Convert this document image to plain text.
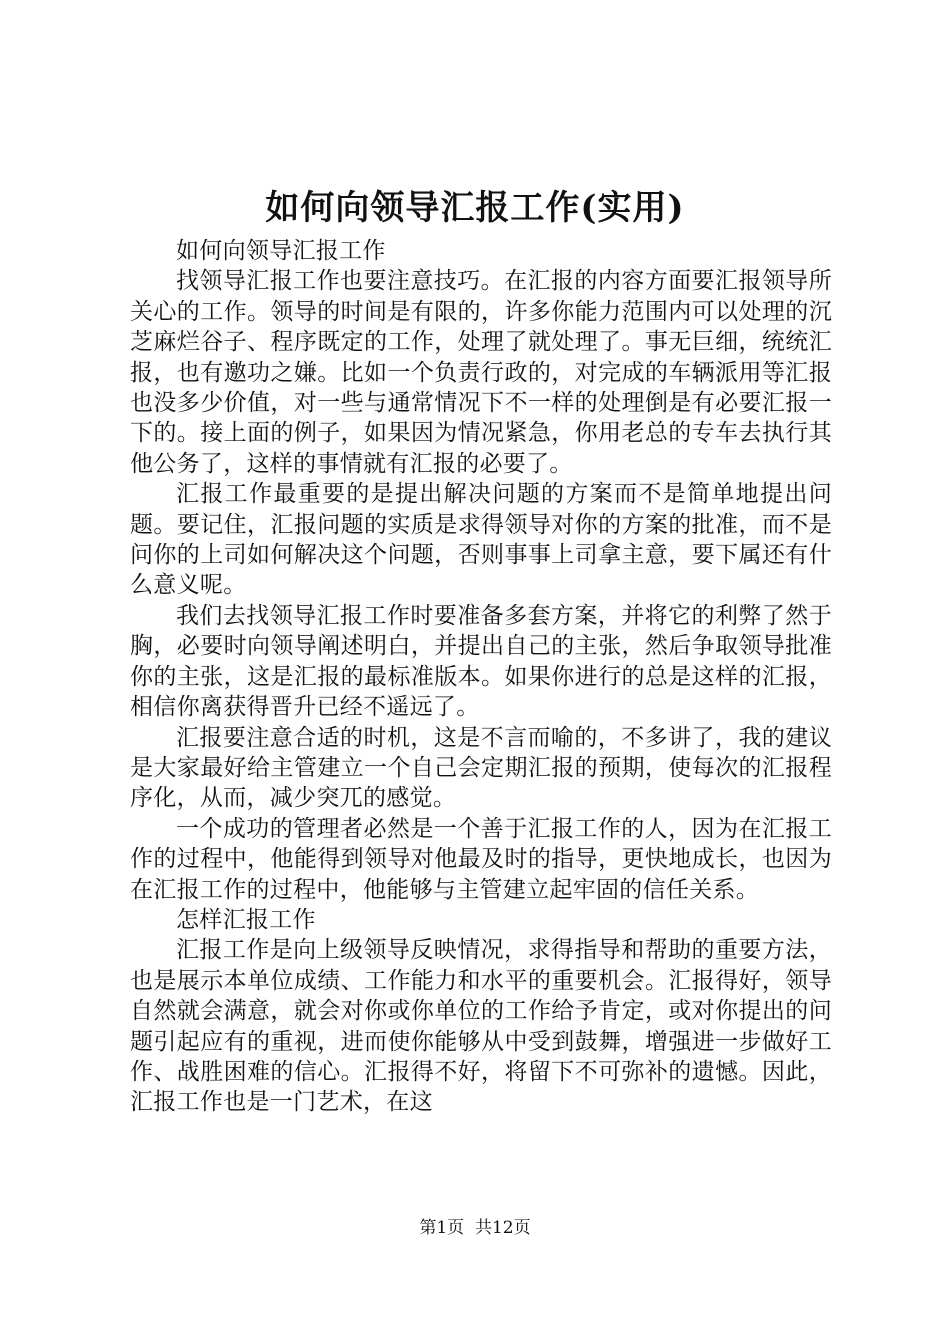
如何向领导汇报工作(实用)

如何向领导汇报工作

找领导汇报工作也要注意技巧。在汇报的内容方面要汇报领导所关心的工作。领导的时间是有限的，许多你能力范围内可以处理的沉芝麻烂谷子、程序既定的工作，处理了就处理了。事无巨细，统统汇报，也有邀功之嫌。比如一个负责行政的，对完成的车辆派用等汇报也没多少价值，对一些与通常情况下不一样的处理倒是有必要汇报一下的。接上面的例子，如果因为情况紧急，你用老总的专车去执行其他公务了，这样的事情就有汇报的必要了。

汇报工作最重要的是提出解决问题的方案而不是简单地提出问题。要记住，汇报问题的实质是求得领导对你的方案的批准，而不是问你的上司如何解决这个问题，否则事事上司拿主意，要下属还有什么意义呢。

我们去找领导汇报工作时要准备多套方案，并将它的利弊了然于胸，必要时向领导阐述明白，并提出自己的主张，然后争取领导批准你的主张，这是汇报的最标准版本。如果你进行的总是这样的汇报，相信你离获得晋升已经不遥远了。

汇报要注意合适的时机，这是不言而喻的，不多讲了，我的建议是大家最好给主管建立一个自己会定期汇报的预期，使每次的汇报程序化，从而，减少突兀的感觉。

一个成功的管理者必然是一个善于汇报工作的人，因为在汇报工作的过程中，他能得到领导对他最及时的指导，更快地成长，也因为在汇报工作的过程中，他能够与主管建立起牢固的信任关系。

怎样汇报工作

汇报工作是向上级领导反映情况，求得指导和帮助的重要方法，也是展示本单位成绩、工作能力和水平的重要机会。汇报得好，领导自然就会满意，就会对你或你单位的工作给予肯定，或对你提出的问题引起应有的重视，进而使你能够从中受到鼓舞，增强进一步做好工作、战胜困难的信心。汇报得不好，将留下不可弥补的遗憾。因此，汇报工作也是一门艺术，在这

第1页  共12页
